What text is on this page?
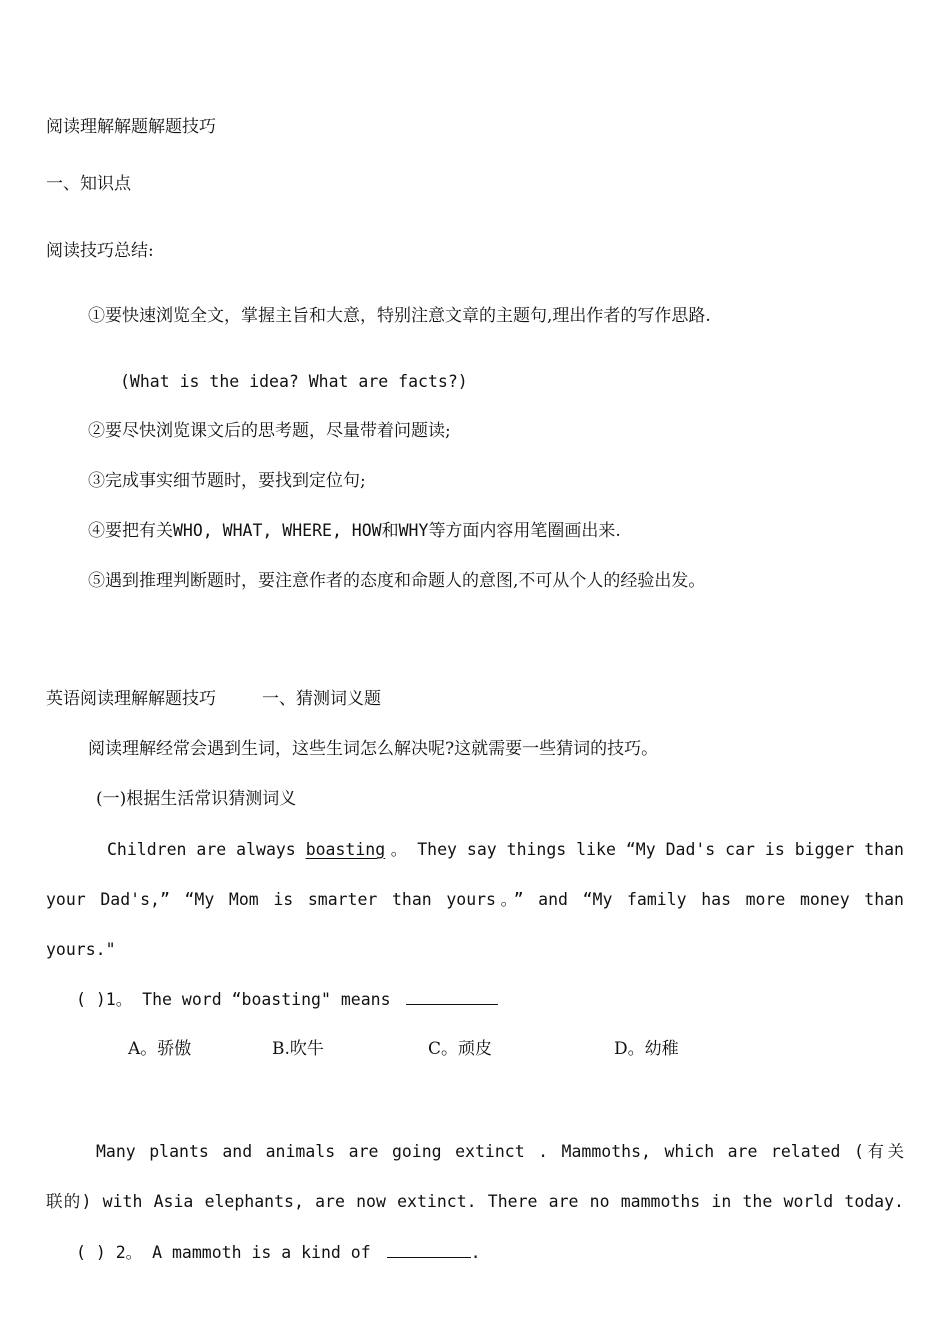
阅读理解解题解题技巧
一、知识点
阅读技巧总结:
①要快速浏览全文，掌握主旨和大意，特别注意文章的主题句,理出作者的写作思路.
(What is the idea? What are facts?)
②要尽快浏览课文后的思考题，尽量带着问题读;
③完成事实细节题时，要找到定位句;
④要把有关WHO, WHAT, WHERE, HOW和WHY等方面内容用笔圈画出来.
⑤遇到推理判断题时，要注意作者的态度和命题人的意图,不可从个人的经验出发。
英语阅读理解解题技巧	一、猜测词义题
阅读理解经常会遇到生词，这些生词怎么解决呢?这就需要一些猜词的技巧。
(一)根据生活常识猜测词义
Children are always boasting 。 They say things like “My Dad's car is bigger than
your Dad's,” “My Mom is smarter than yours。” and “My family has more money than
yours."
( )1。 The word “boasting" means
A。骄傲	B.吹牛	C。顽皮	D。幼稚
Many plants and animals are going extinct . Mammoths, which are related (有关
联的) with Asia elephants, are now extinct. There are no mammoths in the world today.
( ) 2。 A mammoth is a kind of	.
